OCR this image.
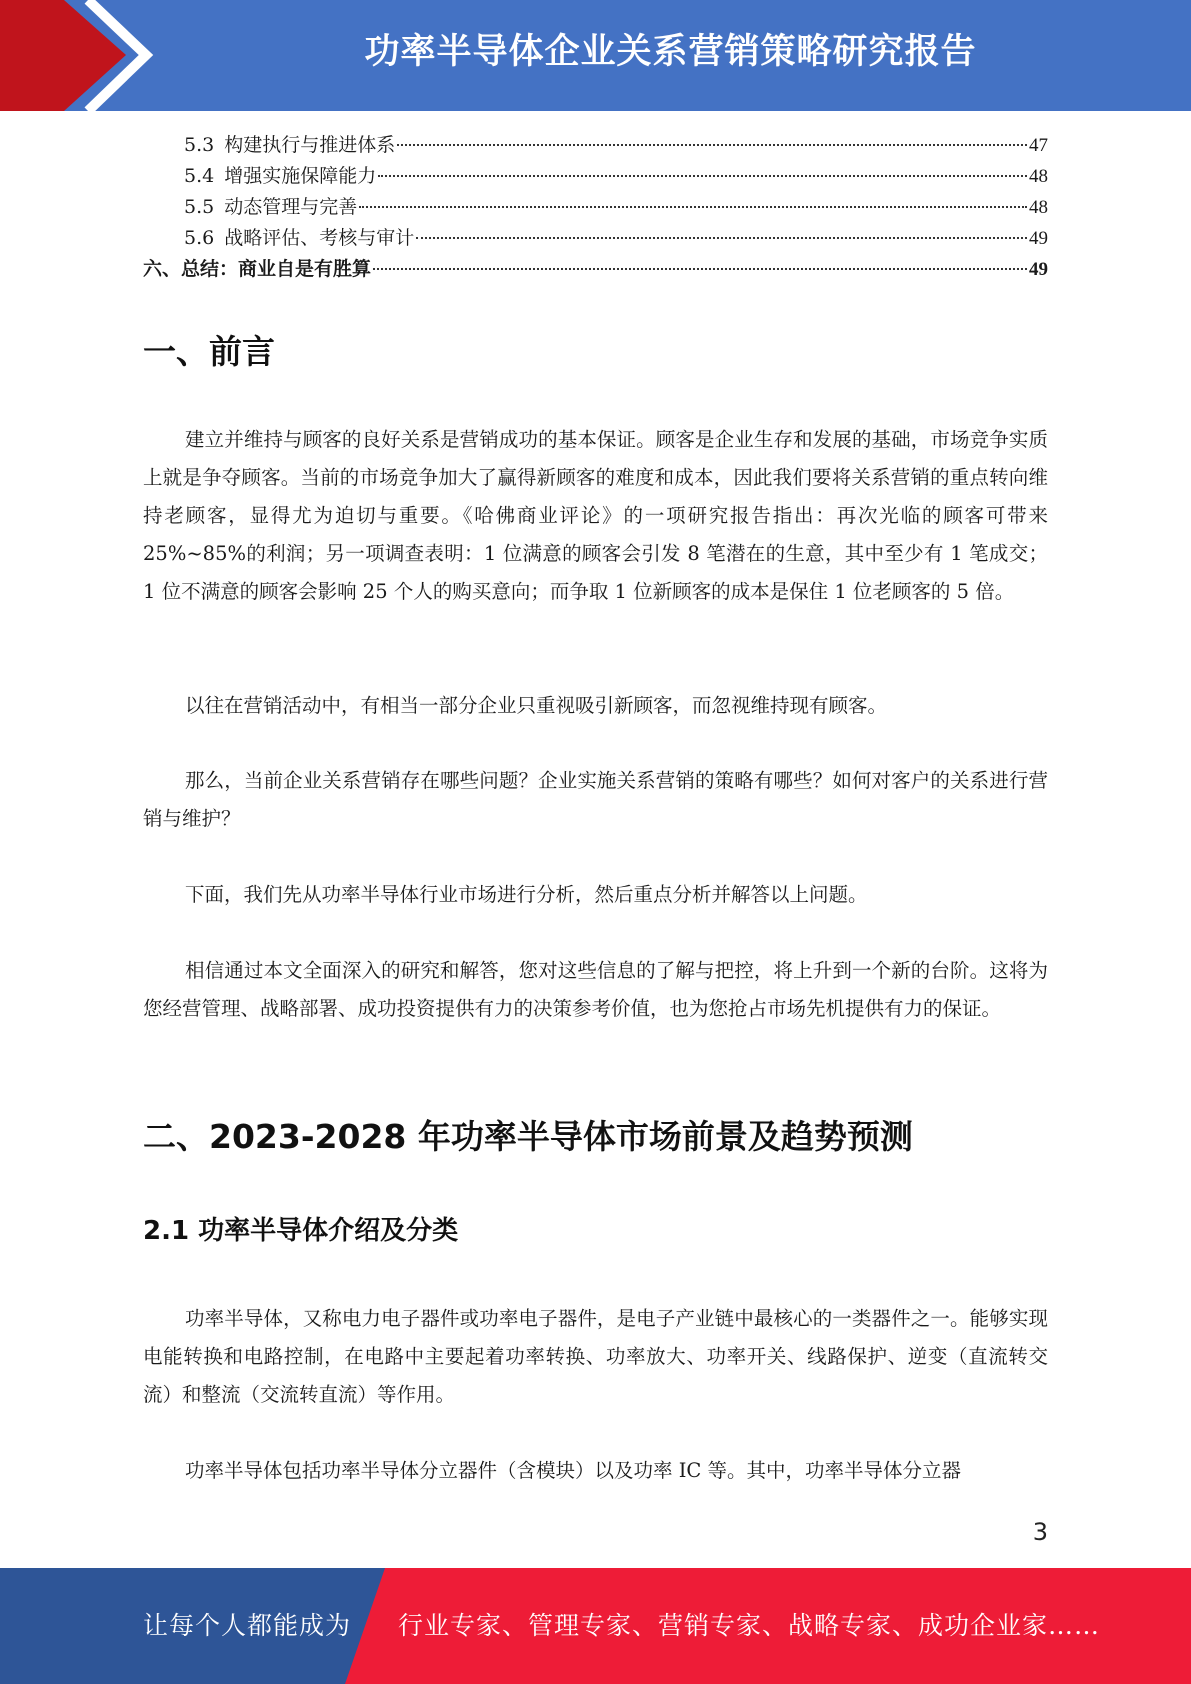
功率半导体企业关系营销策略研究报告
5.3 构建执行与推进体系	47
5.4 增强实施保障能力	48
5.5 动态管理与完善	48
5.6 战略评估、考核与审计	49
六、总结：商业自是有胜算	49
一、前言

建立并维持与顾客的良好关系是营销成功的基本保证。顾客是企业生存和发展的基础，市场竞争实质上就是争夺顾客。当前的市场竞争加大了赢得新顾客的难度和成本，因此我们要将关系营销的重点转向维持老顾客，显得尤为迫切与重要。《哈佛商业评论》的一项研究报告指出：再次光临的顾客可带来 25%~85%的利润；另一项调查表明：1 位满意的顾客会引发 8 笔潜在的生意，其中至少有 1 笔成交；1 位不满意的顾客会影响 25 个人的购买意向；而争取 1 位新顾客的成本是保住 1 位老顾客的 5 倍。

以往在营销活动中，有相当一部分企业只重视吸引新顾客，而忽视维持现有顾客。

那么，当前企业关系营销存在哪些问题？企业实施关系营销的策略有哪些？如何对客户的关系进行营销与维护？

下面，我们先从功率半导体行业市场进行分析，然后重点分析并解答以上问题。

相信通过本文全面深入的研究和解答，您对这些信息的了解与把控，将上升到一个新的台阶。这将为您经营管理、战略部署、成功投资提供有力的决策参考价值，也为您抢占市场先机提供有力的保证。

二、2023-2028 年功率半导体市场前景及趋势预测
2.1 功率半导体介绍及分类

功率半导体，又称电力电子器件或功率电子器件，是电子产业链中最核心的一类器件之一。能够实现电能转换和电路控制，在电路中主要起着功率转换、功率放大、功率开关、线路保护、逆变（直流转交流）和整流（交流转直流）等作用。

功率半导体包括功率半导体分立器件（含模块）以及功率 IC 等。其中，功率半导体分立器

3
让每个人都能成为 行业专家、管理专家、营销专家、战略专家、成功企业家……
